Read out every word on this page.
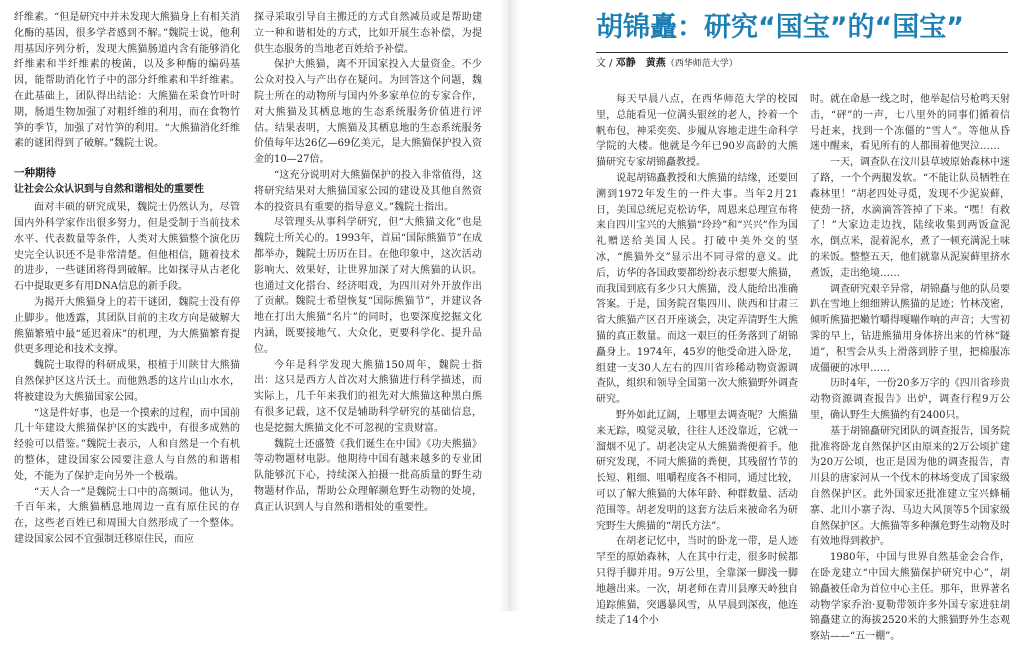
纤维素。“但是研究中并未发现大熊猫身上有相关消化酶的基因，很多学者感到不解。”魏院士说，他利用基因序列分析，发现大熊猫肠道内含有能够消化纤维素和半纤维素的梭菌，以及多种酶的编码基因，能帮助消化竹子中的部分纤维素和半纤维素。在此基础上，团队得出结论：大熊猫在采食竹叶时期，肠道生物加强了对粗纤维的利用，而在食物竹笋的季节，加强了对竹笋的利用。“大熊猫消化纤维素的谜团得到了破解。”魏院士说。

一种期待
让社会公众认识到与自然和谐相处的重要性

面对丰硕的研究成果，魏院士仍然认为，尽管国内外科学家作出很多努力，但是受制于当前技术水平、代表数量等条件，人类对大熊猫整个演化历史完全认识还不是非常清楚。但他相信，随着技术的进步，一些谜团将得到破解。比如探寻从古老化石中提取更多有用DNA信息的新手段。

为揭开大熊猫身上的若干谜团，魏院士没有停止脚步。他透露，其团队目前的主攻方向是破解大熊猫繁殖中最“延迟着床”的机理，为大熊猫繁育提供更多理论和技术支撑。

魏院士取得的科研成果，根植于川陕甘大熊猫自然保护区这片沃土。而他熟悉的这片山山水水，将被建设为大熊猫国家公园。

“这是件好事，也是一个摸索的过程，而中国前几十年建设大熊猫保护区的实践中，有很多成熟的经验可以借鉴。”魏院士表示，人和自然是一个有机的整体，建设国家公园要注意人与自然的和谐相处，不能为了保护走向另外一个极端。

“天人合一”是魏院士口中的高频词。他认为，千百年来，大熊猫栖息地周边一直有原住民的存在，这些老百姓已和周围大自然形成了一个整体。建设国家公园不宜强制迁移原住民，而应

探寻采取引导自主搬迁的方式自然减员或是帮助建立一种和谐相处的方式，比如开展生态补偿，为提供生态服务的当地老百姓给予补偿。

保护大熊猫，离不开国家投入大量资金。不少公众对投入与产出存在疑问。为回答这个问题，魏院士所在的动物所与国内外多家单位的专家合作，对大熊猫及其栖息地的生态系统服务价值进行评估。结果表明，大熊猫及其栖息地的生态系统服务价值每年达26亿—69亿美元，是大熊猫保护投入资金的10—27倍。

“这充分说明对大熊猫保护的投入非常值得，这将研究结果对大熊猫国家公园的建设及其他自然资本的投资具有重要的指导意义。”魏院士指出。

尽管理头从事科学研究，但“大熊猫文化”也是魏院士所关心的。1993年，首届“国际熊猫节”在成都举办，魏院士历历在目。在他印象中，这次活动影响大、效果好，让世界加深了对大熊猫的认识。也通过文化搭台、经济唱戏，为四川对外开放作出了贡献。魏院士希望恢复“国际熊猫节”，并建议各地在打出大熊猫“名片”的同时，也要深度挖掘文化内涵，既要接地气、大众化，更要科学化、提升品位。

今年是科学发现大熊猫150周年，魏院士指出：这只是西方人首次对大熊猫进行科学描述，而实际上，几千年来我们的祖先对大熊猫这种黑白熊有很多记载，这不仅是辅助科学研究的基础信息，也是挖掘大熊猫文化不可忽视的宝贵财富。

魏院士还盛赞《我们诞生在中国》《功夫熊猫》等动物题材电影。他期待中国有越来越多的专业团队能够沉下心，持续深入拍摄一批高质量的野生动物题材作品，帮助公众理解濒危野生动物的处境，真正认识到人与自然和谐相处的重要性。

胡锦矗：研究“国宝”的“国宝”
文 / 邓静　黄燕（西华师范大学）

每天早晨八点，在西华师范大学的校园里，总能看见一位满头银丝的老人，拎着一个帆布包，神采奕奕、步履从容地走进生命科学学院的大楼。他就是今年已90岁高龄的大熊猫研究专家胡锦矗教授。

说起胡锦矗教授和大熊猫的结缘，还要回溯到1972年发生的一件大事。当年2月21日，美国总统尼克松访华，周恩来总理宣布将来自四川宝兴的大熊猫“玲玲”和“兴兴”作为国礼赠送给美国人民。打破中美外交的坚冰，“熊猫外交”显示出不同寻常的意义。此后，访华的各国政要都纷纷表示想要大熊猫，而我国到底有多少只大熊猫，没人能给出准确答案。于是，国务院召集四川、陕西和甘肃三省大熊猫产区召开座谈会，决定弄清野生大熊猫的真正数量。而这一艰巨的任务落到了胡锦矗身上。1974年，45岁的他受命进入卧龙，组建一支30人左右的四川省珍稀动物资源调查队，组织和领导全国第一次大熊猫野外调查研究。

野外如此辽阔，上哪里去调查呢？大熊猫来无踪，嗅觉灵敏，往往人还没靠近，它就一溜烟不见了。胡老决定从大熊猫粪便着手。他研究发现，不同大熊猫的粪便，其残留竹节的长短、粗细、咀嚼程度各不相同，通过比较，可以了解大熊猫的大体年龄、种群数量、活动范围等。胡老发明的这套方法后来被命名为研究野生大熊猫的“胡氏方法”。

在胡老记忆中，当时的卧龙一带，是人迹罕至的原始森林，人在其中行走，很多时候都只得手脚并用。9万公里，全靠深一脚浅一脚地趟出来。一次，胡老师在青川县摩天岭独自追踪熊猫，突遇暴风雪，从早晨到深夜，他连续走了14个小

时。就在命悬一线之时，他举起信号枪鸣天射击，“砰”的一声，七八里外的同事们循着信号赶来，找到一个冻僵的“雪人”。等他从昏迷中醒来，看见所有的人都围着他哭泣……

一天，调查队在汶川县草坡原始森林中迷了路，一个个两腿发软。“不能让队员牺牲在森林里！”胡老四处寻觅，发现不少泥炭藓，使劲一挤，水滴滴答答掉了下来。“嘿！有救了！”大家边走边找，陆续收集到两饭盒泥水，倒点米，混着泥水，煮了一顿充满泥土味的米饭。整整五天，他们就靠从泥炭藓里挤水煮饭，走出绝境……

调查研究艰辛异常，胡锦矗与他的队员要趴在雪地上细细辨认熊猫的足迹；竹林茂密，倾听熊猫把嫩竹嚼得嘎嘣作响的声音；大雪初霁的早上，钻进熊猫用身体挤出来的竹林“隧道”，积雪会从头上滑落到脖子里，把棉服冻成僵硬的冰甲……

历时4年，一份20多万字的《四川省珍贵动物资源调查报告》出炉，调查行程9万公里，确认野生大熊猫约有2400只。

基于胡锦矗研究团队的调查报告，国务院批准将卧龙自然保护区由原来的2万公顷扩建为20万公顷，也正是因为他的调查报告，青川县的唐家河从一个伐木的林场变成了国家级自然保护区。此外国家还批准建立宝兴蜂桶寨、北川小寨子沟、马边大风顶等5个国家级自然保护区。大熊猫等多种濒危野生动物及时有效地得到救护。

1980年，中国与世界自然基金会合作，在卧龙建立“中国大熊猫保护研究中心”，胡锦矗被任命为首位中心主任。那年，世界著名动物学家乔治·夏勒带领许多外国专家进驻胡锦矗建立的海拔2520米的大熊猫野外生态观察站——“五一棚”。
